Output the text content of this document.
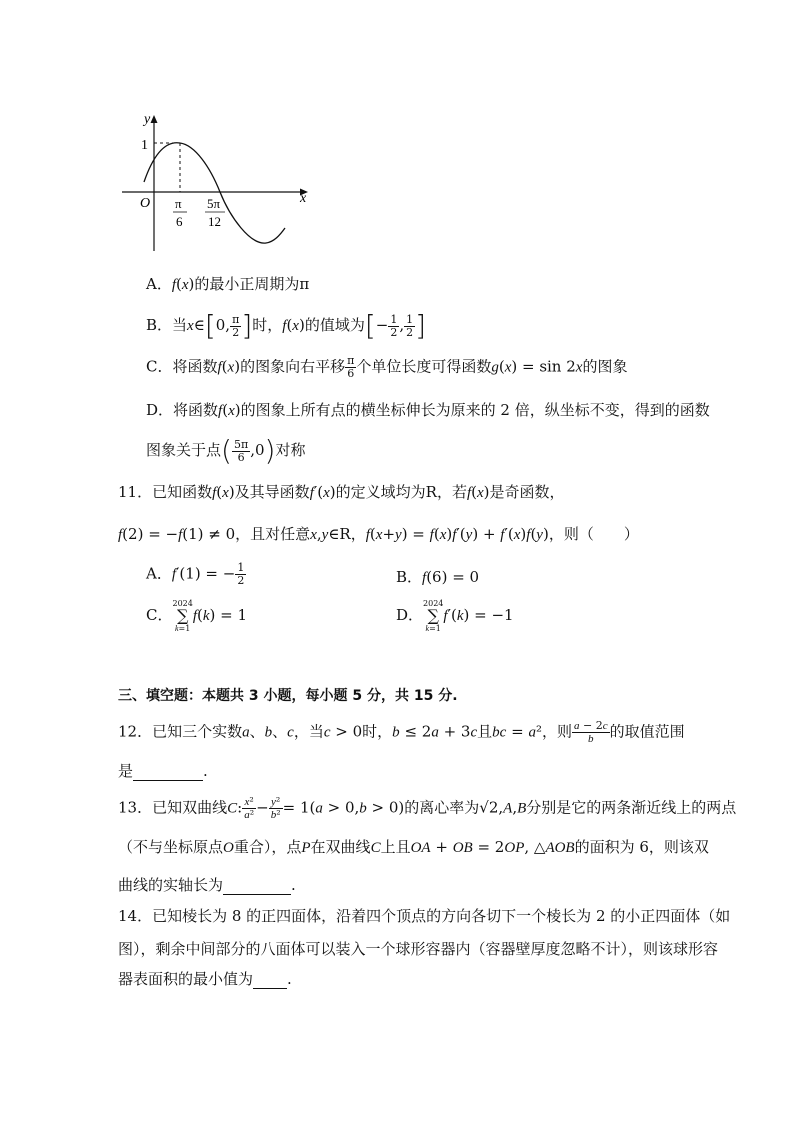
y
x
O
1
π
6
5π
12
A．f(x)的最小正周期为π
B．当x∈[0, $\frac{\pi}{2}$ ]时，f(x)的值域为[− $\frac{1}{2}$ , $\frac{1}{2}$ ]
C．将函数f(x)的图象向右平移 $\frac{\pi}{6}$ 个单位长度可得函数g(x) = sin 2x的图象
D．将函数f(x)的图象上所有点的横坐标伸长为原来的 2 倍，纵坐标不变，得到的函数
图象关于点( $\frac{5\pi}{6} ,0$)对称
11．已知函数f(x)及其导函数f′(x)的定义域均为R，若f(x)是奇函数，
f(2) = −f(1) ≠ 0，且对任意x,y∈R，f(x+y) = f(x)f′(y) + f′(x)f(y)，则（　　）
A．f′(1) = − $\frac{1}{2}$	B．f(6) = 0
C．2024
∑
k=1f(k) = 1	D．2024
∑
k=1f′(k) = −1
三、填空题：本题共 3 小题，每小题 5 分，共 15 分.
12．已知三个实数a、b、c，当c > 0时，b ≤ 2a + 3c且bc = a²，则 $\frac{a - 2c}{b}$ 的取值范围
是	.
13．已知双曲线C: $\frac{\text{x²}}{\text{a²}} - \frac{\text{y²}}{\text{b²}} = 1(a > 0,b > 0)$的离心率为√2,A,B分别是它的两条渐近线上的两点
（不与坐标原点O重合），点P在双曲线C上且OA + OB = 2OP, △AOB的面积为 6，则该双
曲线的实轴长为	.
14．已知棱长为 8 的正四面体，沿着四个顶点的方向各切下一个棱长为 2 的小正四面体（如
图），剩余中间部分的八面体可以装入一个球形容器内（容器壁厚度忽略不计），则该球形容
器表面积的最小值为 .
